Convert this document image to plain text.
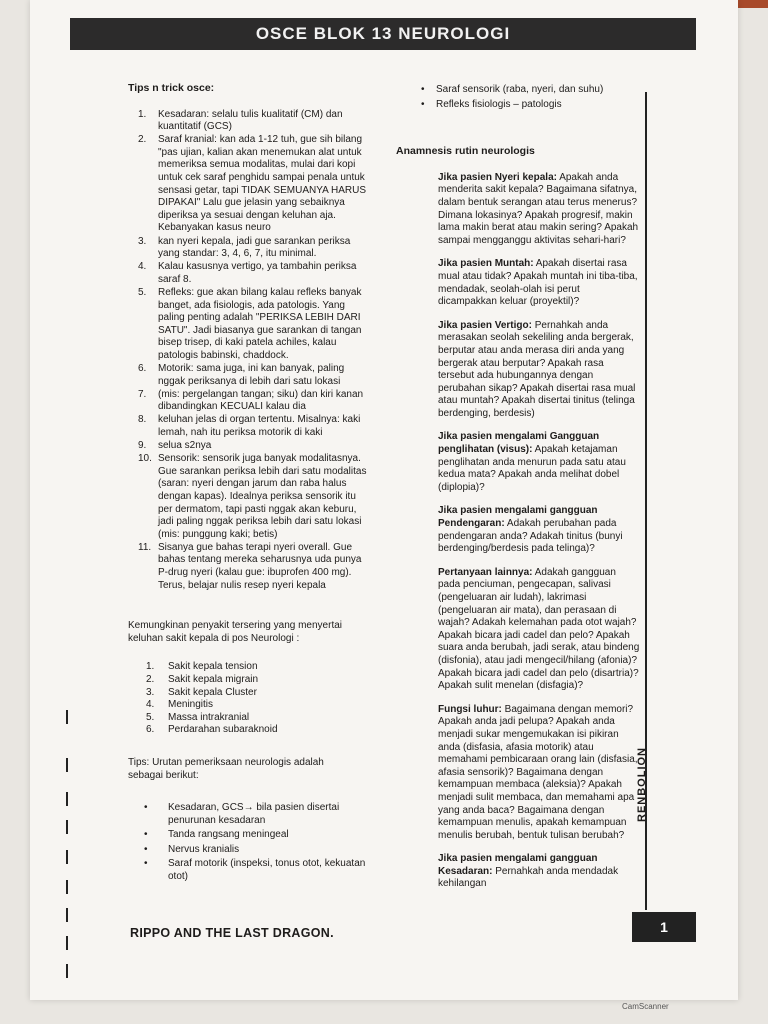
OSCE BLOK 13 NEUROLOGI
Tips n trick osce:
1.	Kesadaran: selalu tulis kualitatif (CM) dan kuantitatif (GCS)
2.	Saraf kranial: kan ada 1-12 tuh, gue sih bilang "pas ujian, kalian akan menemukan alat untuk memeriksa semua modalitas, mulai dari kopi untuk cek saraf penghidu sampai penala untuk sensasi getar, tapi TIDAK SEMUANYA HARUS DIPAKAI" Lalu gue jelasin yang sebaiknya diperiksa ya sesuai dengan keluhan aja. Kebanyakan kasus neuro
3.	kan nyeri kepala, jadi gue sarankan periksa yang standar: 3, 4, 6, 7, itu minimal.
4.	Kalau kasusnya vertigo, ya tambahin periksa saraf 8.
5.	Refleks: gue akan bilang kalau refleks banyak banget, ada fisiologis, ada patologis. Yang paling penting adalah "PERIKSA LEBIH DARI SATU". Jadi biasanya gue sarankan di tangan bisep trisep, di kaki patela achiles, kalau patologis babinski, chaddock.
6.	Motorik: sama juga, ini kan banyak, paling nggak periksanya di lebih dari satu lokasi
7.	(mis: pergelangan tangan; siku) dan kiri kanan dibandingkan KECUALI kalau dia
8.	keluhan jelas di organ tertentu. Misalnya: kaki lemah, nah itu periksa motorik di kaki
9.	selua s2nya
10. Sensorik: sensorik juga banyak modalitasnya. Gue sarankan periksa lebih dari satu modalitas (saran: nyeri dengan jarum dan raba halus dengan kapas). Idealnya periksa sensorik itu per dermatom, tapi pasti nggak akan keburu, jadi paling nggak periksa lebih dari satu lokasi (mis: punggung kaki; betis)
11. Sisanya gue bahas terapi nyeri overall. Gue bahas tentang mereka seharusnya uda punya P-drug nyeri (kalau gue: ibuprofen 400 mg). Terus, belajar nulis resep nyeri kepala
Kemungkinan penyakit tersering yang menyertai keluhan sakit kepala di pos Neurologi :
1. Sakit kepala tension
2. Sakit kepala migrain
3. Sakit kepala Cluster
4. Meningitis
5. Massa intrakranial
6. Perdarahan subaraknoid
Tips: Urutan pemeriksaan neurologis adalah sebagai berikut:
• Kesadaran, GCS→ bila pasien disertai penurunan kesadaran
• Tanda rangsang meningeal
• Nervus kranialis
• Saraf motorik (inspeksi, tonus otot, kekuatan otot)
• Saraf sensorik (raba, nyeri, dan suhu)
• Refleks fisiologis – patologis
Anamnesis rutin neurologis
Jika pasien Nyeri kepala: Apakah anda menderita sakit kepala? Bagaimana sifatnya, dalam bentuk serangan atau terus menerus? Dimana lokasinya? Apakah progresif, makin lama makin berat atau makin sering? Apakah sampai mengganggu aktivitas sehari-hari?
Jika pasien Muntah: Apakah disertai rasa mual atau tidak? Apakah muntah ini tiba-tiba, mendadak, seolah-olah isi perut dicampakkan keluar (proyektil)?
Jika pasien Vertigo: Pernahkah anda merasakan seolah sekeliling anda bergerak, berputar atau anda merasa diri anda yang bergerak atau berputar? Apakah rasa tersebut ada hubungannya dengan perubahan sikap? Apakah disertai rasa mual atau muntah? Apakah disertai tinitus (telinga berdenging, berdesis)
Jika pasien mengalami Gangguan penglihatan (visus): Apakah ketajaman penglihatan anda menurun pada satu atau kedua mata? Apakah anda melihat dobel (diplopia)?
Jika pasien mengalami gangguan Pendengaran: Adakah perubahan pada pendengaran anda? Adakah tinitus (bunyi berdenging/berdesis pada telinga)?
Pertanyaan lainnya: Adakah gangguan pada penciuman, pengecapan, salivasi (pengeluaran air ludah), lakrimasi (pengeluaran air mata), dan perasaan di wajah? Adakah kelemahan pada otot wajah? Apakah bicara jadi cadel dan pelo? Apakah suara anda berubah, jadi serak, atau bindeng (disfonia), atau jadi mengecil/hilang (afonia)? Apakah bicara jadi cadel dan pelo (disartria)? Apakah sulit menelan (disfagia)?
Fungsi luhur: Bagaimana dengan memori? Apakah anda jadi pelupa? Apakah anda menjadi sukar mengemukakan isi pikiran anda (disfasia, afasia motorik) atau memahami pembicaraan orang lain (disfasia, afasia sensorik)? Bagaimana dengan kemampuan membaca (aleksia)? Apakah menjadi sulit membaca, dan memahami apa yang anda baca? Bagaimana dengan kemampuan menulis, apakah kemampuan menulis berubah, bentuk tulisan berubah?
Jika pasien mengalami gangguan Kesadaran: Pernahkah anda mendadak kehilangan
RIPPO AND THE LAST DRAGON.
RENBOLION
1
CamScanner
